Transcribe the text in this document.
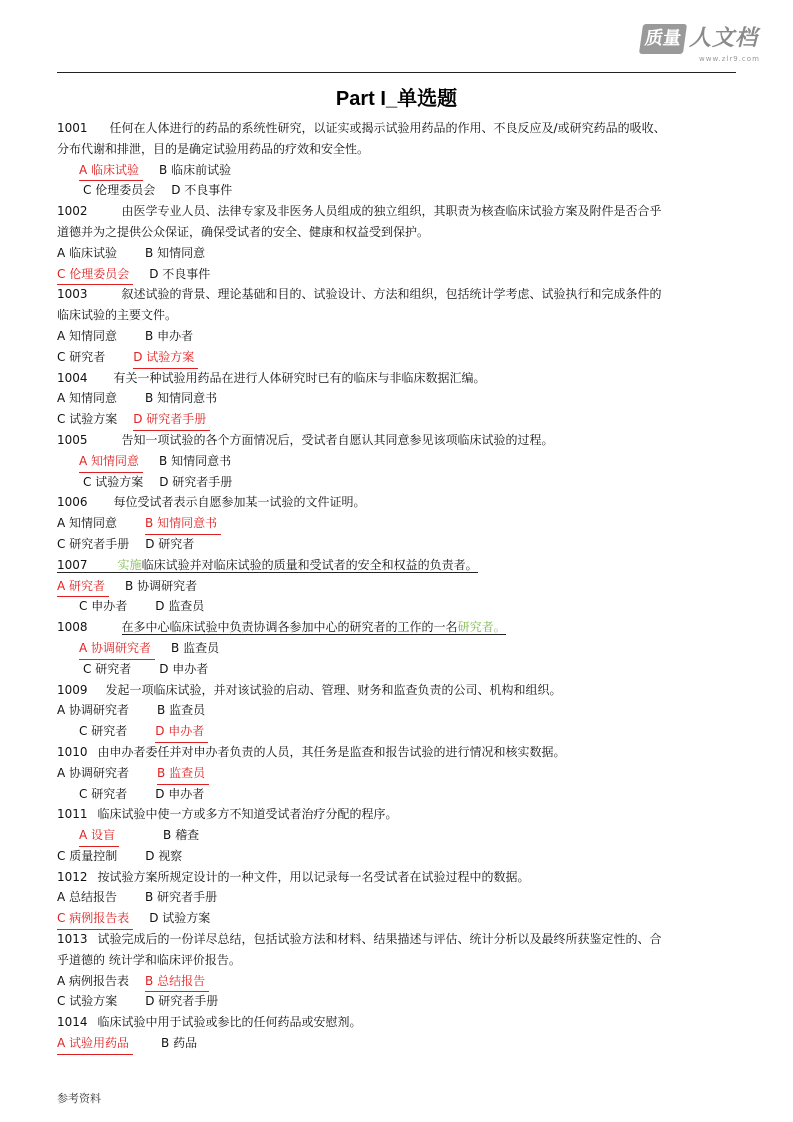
质量 人文档
www.zlr9.com
Part I_单选题
1001 任何在人体进行的药品的系统性研究，以证实或揭示试验用药品的作用、不良反应及/或研究药品的吸收、
分布代谢和排泄，目的是确定试验用药品的疗效和安全性。
A 临床试验 B 临床前试验
C 伦理委员会 D 不良事件
1002	由医学专业人员、法律专家及非医务人员组成的独立组织，其职责为核查临床试验方案及附件是否合乎
道德并为之提供公众保证，确保受试者的安全、健康和权益受到保护。
A 临床试验 B 知情同意
C 伦理委员会 D 不良事件
1003	叙述试验的背景、理论基础和目的、试验设计、方法和组织，包括统计学考虑、试验执行和完成条件的
临床试验的主要文件。
A 知情同意 B 申办者
C 研究者 D 试验方案
1004 有关一种试验用药品在进行人体研究时已有的临床与非临床数据汇编。
A 知情同意 B 知情同意书
C 试验方案 D 研究者手册
1005	告知一项试验的各个方面情况后，受试者自愿认其同意参见该项临床试验的过程。
A 知情同意 B 知情同意书
C 试验方案 D 研究者手册
1006 每位受试者表示自愿参加某一试验的文件证明。
A 知情同意 B 知情同意书
C 研究者手册 D 研究者
1007	实施临床试验并对临床试验的质量和受试者的安全和权益的负责者。
A 研究者 B 协调研究者
C 申办者 D 监查员
1008	在多中心临床试验中负责协调各参加中心的研究者的工作的一名研究者。
A 协调研究者 B 监查员
C 研究者 D 申办者
1009 发起一项临床试验，并对该试验的启动、管理、财务和监查负责的公司、机构和组织。
A 协调研究者 B 监查员
C 研究者 D 申办者
1010 由申办者委任并对申办者负责的人员，其任务是监查和报告试验的进行情况和核实数据。
A 协调研究者 B 监查员
C 研究者 D 申办者
1011 临床试验中使一方或多方不知道受试者治疗分配的程序。
A 设盲	B 稽查
C 质量控制 D 视察
1012 按试验方案所规定设计的一种文件，用以记录每一名受试者在试验过程中的数据。
A 总结报告 B 研究者手册
C 病例报告表 D 试验方案
1013 试验完成后的一份详尽总结，包括试验方法和材料、结果描述与评估、统计分析以及最终所获鉴定性的、合
乎道德的 统计学和临床评价报告。
A 病例报告表 B 总结报告
C 试验方案 D 研究者手册
1014 临床试验中用于试验或参比的任何药品或安慰剂。
A 试验用药品	B 药品
参考资料
